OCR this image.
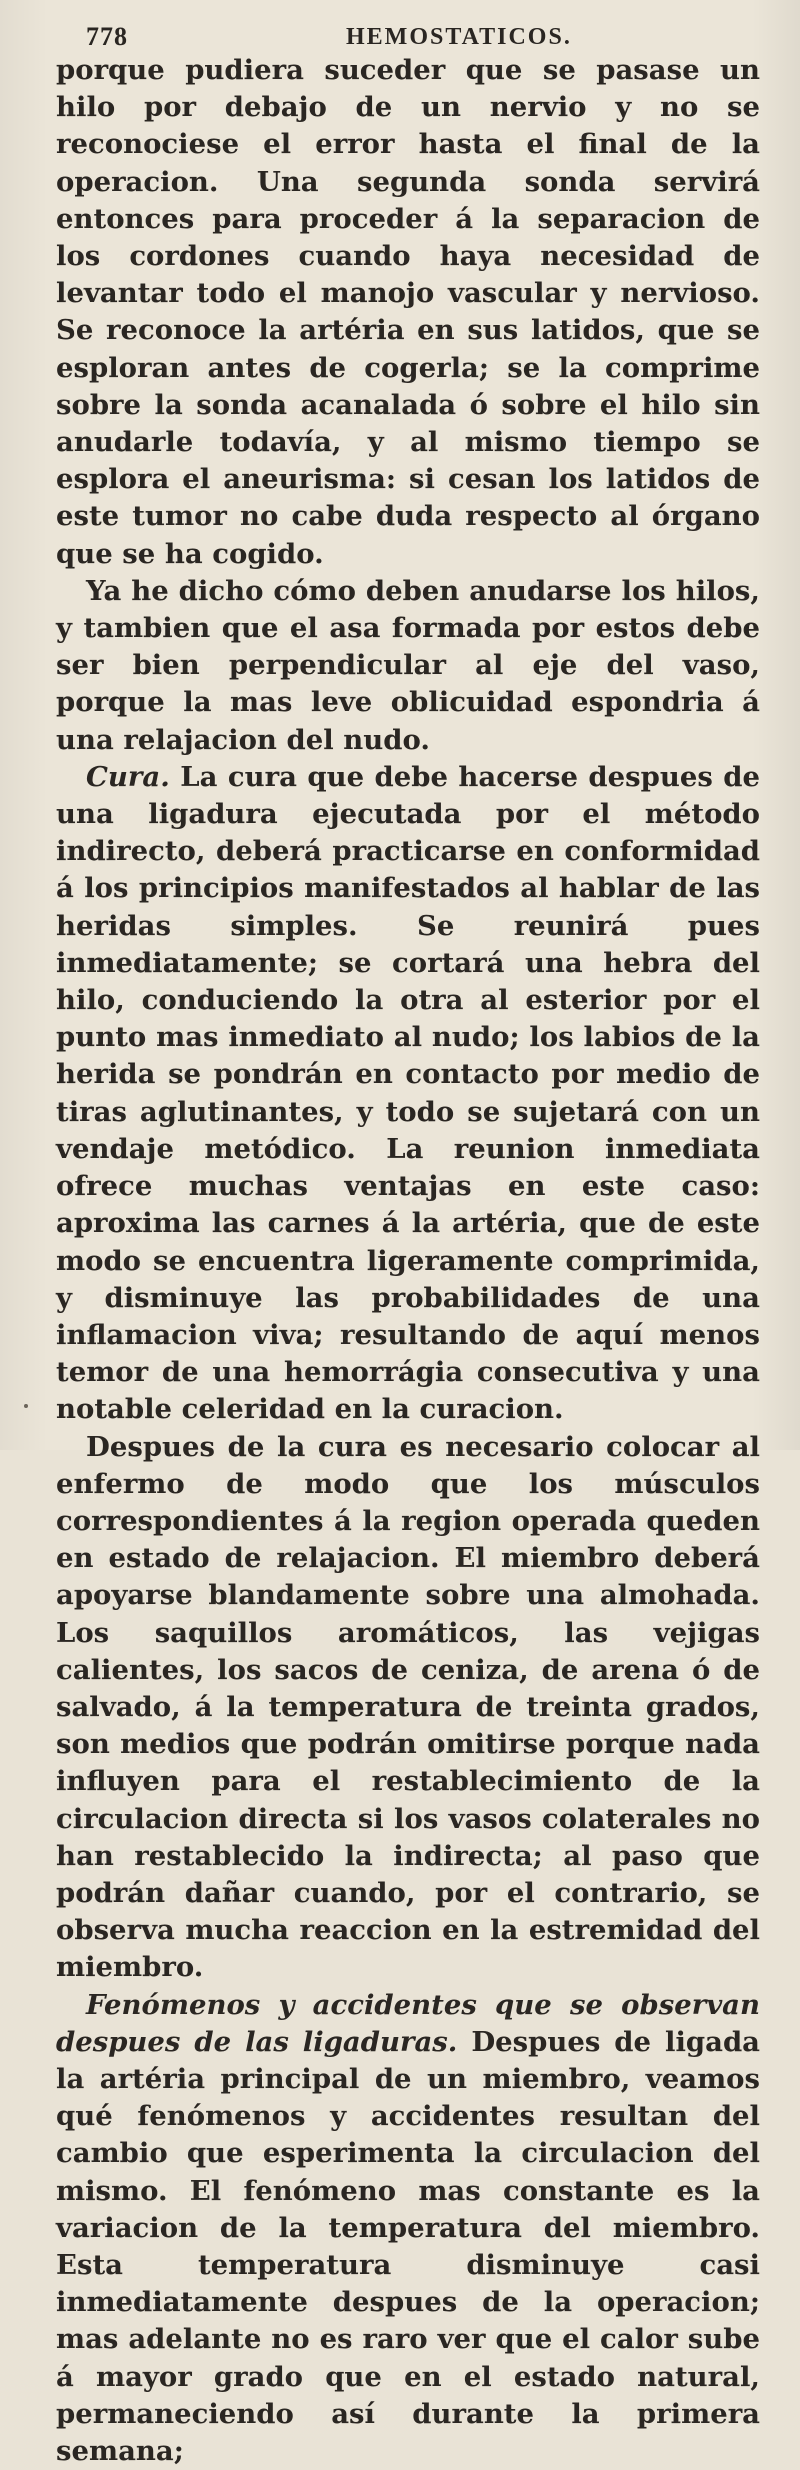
778	HEMOSTATICOS.

porque pudiera suceder que se pasase un hilo por debajo de un nervio y no se reconociese el error hasta el final de la operacion. Una segunda sonda servirá entonces para proceder á la separacion de los cordones cuando haya necesidad de levantar todo el manojo vascular y nervioso. Se reconoce la artéria en sus latidos, que se esploran antes de cogerla; se la comprime sobre la sonda acanalada ó sobre el hilo sin anudarle todavía, y al mismo tiempo se esplora el aneurisma: si cesan los latidos de este tumor no cabe duda respecto al órgano que se ha cogido.

Ya he dicho cómo deben anudarse los hilos, y tambien que el asa formada por estos debe ser bien perpendicular al eje del vaso, porque la mas leve oblicuidad espondria á una relajacion del nudo.

Cura. La cura que debe hacerse despues de una ligadura ejecutada por el método indirecto, deberá practicarse en conformidad á los principios manifestados al hablar de las heridas simples. Se reunirá pues inmediatamente; se cortará una hebra del hilo, conduciendo la otra al esterior por el punto mas inmediato al nudo; los labios de la herida se pondrán en contacto por medio de tiras aglutinantes, y todo se sujetará con un vendaje metódico. La reunion inmediata ofrece muchas ventajas en este caso: aproxima las carnes á la artéria, que de este modo se encuentra ligeramente comprimida, y disminuye las probabilidades de una inflamacion viva; resultando de aquí menos temor de una hemorrágia consecutiva y una notable celeridad en la curacion.

Despues de la cura es necesario colocar al enfermo de modo que los músculos correspondientes á la region operada queden en estado de relajacion. El miembro deberá apoyarse blandamente sobre una almohada. Los saquillos aromáticos, las vejigas calientes, los sacos de ceniza, de arena ó de salvado, á la temperatura de treinta grados, son medios que podrán omitirse porque nada influyen para el restablecimiento de la circulacion directa si los vasos colaterales no han restablecido la indirecta; al paso que podrán dañar cuando, por el contrario, se observa mucha reaccion en la estremidad del miembro.

Fenómenos y accidentes que se observan despues de las ligaduras. Despues de ligada la artéria principal de un miembro, veamos qué fenómenos y accidentes resultan del cambio que esperimenta la circulacion del mismo. El fenómeno mas constante es la variacion de la temperatura del miembro. Esta temperatura disminuye casi inmediatamente despues de la operacion; mas adelante no es raro ver que el calor sube á mayor grado que en el estado natural, permaneciendo así durante la primera semana;
